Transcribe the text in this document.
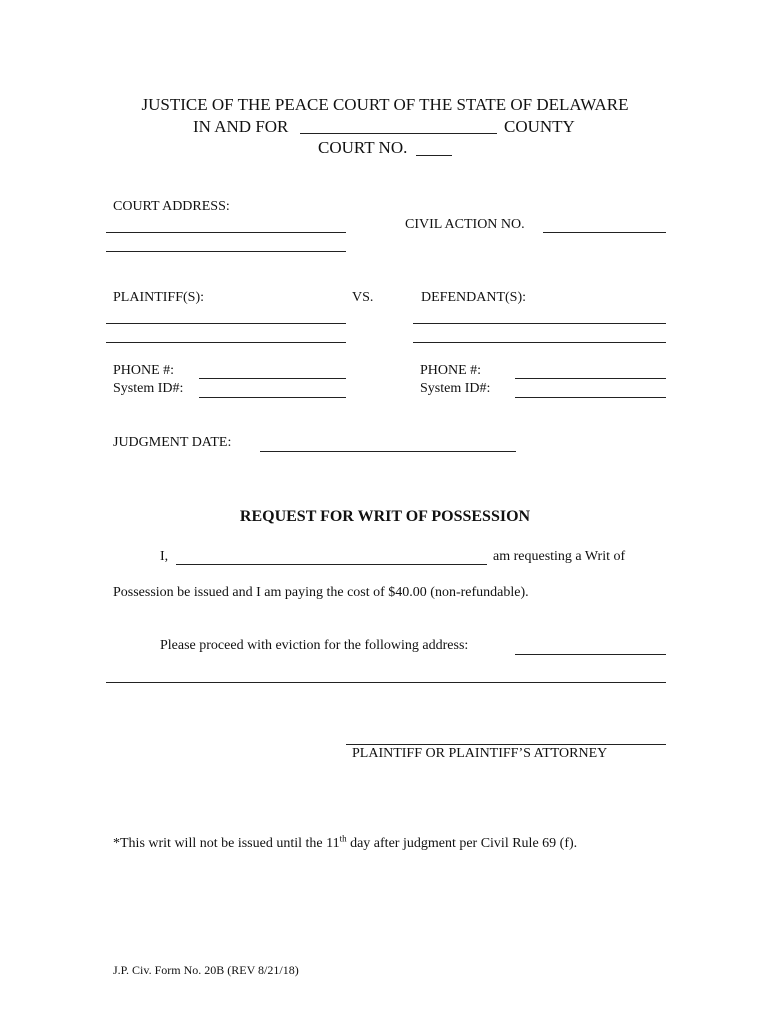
JUSTICE OF THE PEACE COURT OF THE STATE OF DELAWARE
IN AND FOR	COUNTY
COURT NO.
COURT ADDRESS:
CIVIL ACTION NO.
PLAINTIFF(S):	VS.	DEFENDANT(S):
PHONE #:
System ID#:
PHONE #:
System ID#:
JUDGMENT DATE:
REQUEST FOR WRIT OF POSSESSION
I,	am requesting a Writ of
Possession be issued and I am paying the cost of $40.00 (non-refundable).
Please proceed with eviction for the following address:
PLAINTIFF OR PLAINTIFF’S ATTORNEY
*This writ will not be issued until the 11th day after judgment per Civil Rule 69 (f).
J.P. Civ. Form No. 20B (REV 8/21/18)
